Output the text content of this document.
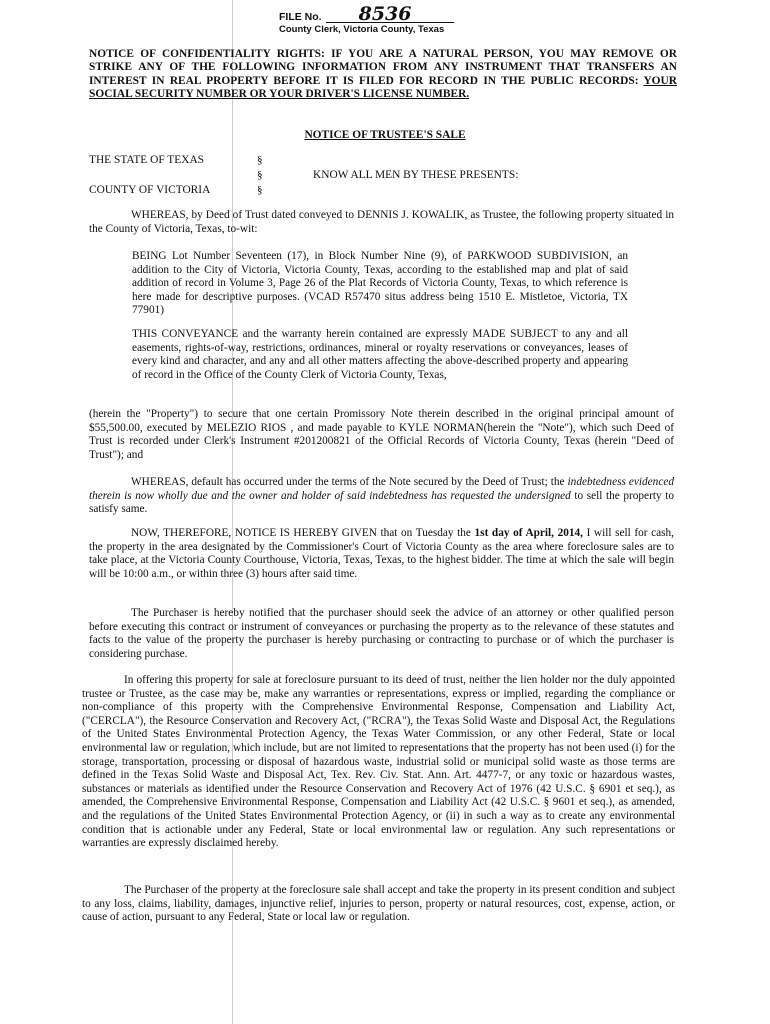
FILE No.	8536
County Clerk, Victoria County, Texas
NOTICE OF CONFIDENTIALITY RIGHTS: IF YOU ARE A NATURAL PERSON, YOU MAY REMOVE OR STRIKE ANY OF THE FOLLOWING INFORMATION FROM ANY INSTRUMENT THAT TRANSFERS AN INTEREST IN REAL PROPERTY BEFORE IT IS FILED FOR RECORD IN THE PUBLIC RECORDS: YOUR SOCIAL SECURITY NUMBER OR YOUR DRIVER'S LICENSE NUMBER.
NOTICE OF TRUSTEE'S SALE
THE STATE OF TEXAS	§
§	KNOW ALL MEN BY THESE PRESENTS:
COUNTY OF VICTORIA	§
WHEREAS, by Deed of Trust dated conveyed to DENNIS J. KOWALIK, as Trustee, the following property situated in the County of Victoria, Texas, to-wit:
BEING Lot Number Seventeen (17), in Block Number Nine (9), of PARKWOOD SUBDIVISION, an addition to the City of Victoria, Victoria County, Texas, according to the established map and plat of said addition of record in Volume 3, Page 26 of the Plat Records of Victoria County, Texas, to which reference is here made for descriptive purposes. (VCAD R57470 situs address being 1510 E. Mistletoe, Victoria, TX 77901)
THIS CONVEYANCE and the warranty herein contained are expressly MADE SUBJECT to any and all easements, rights-of-way, restrictions, ordinances, mineral or royalty reservations or conveyances, leases of every kind and character, and any and all other matters affecting the above-described property and appearing of record in the Office of the County Clerk of Victoria County, Texas,
(herein the "Property") to secure that one certain Promissory Note therein described in the original principal amount of $55,500.00, executed by MELEZIO RIOS , and made payable to KYLE NORMAN(herein the "Note"), which such Deed of Trust is recorded under Clerk's Instrument #201200821 of the Official Records of Victoria County, Texas (herein "Deed of Trust"); and
WHEREAS, default has occurred under the terms of the Note secured by the Deed of Trust; the indebtedness evidenced therein is now wholly due and the owner and holder of said indebtedness has requested the undersigned to sell the property to satisfy same.
NOW, THEREFORE, NOTICE IS HEREBY GIVEN that on Tuesday the 1st day of April, 2014, I will sell for cash, the property in the area designated by the Commissioner's Court of Victoria County as the area where foreclosure sales are to take place, at the Victoria County Courthouse, Victoria, Texas, Texas, to the highest bidder. The time at which the sale will begin will be 10:00 a.m., or within three (3) hours after said time.
The Purchaser is hereby notified that the purchaser should seek the advice of an attorney or other qualified person before executing this contract or instrument of conveyances or purchasing the property as to the relevance of these statutes and facts to the value of the property the purchaser is hereby purchasing or contracting to purchase or of which the purchaser is considering purchase.
In offering this property for sale at foreclosure pursuant to its deed of trust, neither the lien holder nor the duly appointed trustee or Trustee, as the case may be, make any warranties or representations, express or implied, regarding the compliance or non-compliance of this property with the Comprehensive Environmental Response, Compensation and Liability Act, ("CERCLA"), the Resource Conservation and Recovery Act, ("RCRA"), the Texas Solid Waste and Disposal Act, the Regulations of the United States Environmental Protection Agency, the Texas Water Commission, or any other Federal, State or local environmental law or regulation, which include, but are not limited to representations that the property has not been used (i) for the storage, transportation, processing or disposal of hazardous waste, industrial solid or municipal solid waste as those terms are defined in the Texas Solid Waste and Disposal Act, Tex. Rev. Civ. Stat. Ann. Art. 4477-7, or any toxic or hazardous wastes, substances or materials as identified under the Resource Conservation and Recovery Act of 1976 (42 U.S.C. § 6901 et seq.), as amended, the Comprehensive Environmental Response, Compensation and Liability Act (42 U.S.C. § 9601 et seq.), as amended, and the regulations of the United States Environmental Protection Agency, or (ii) in such a way as to create any environmental condition that is actionable under any Federal, State or local environmental law or regulation. Any such representations or warranties are expressly disclaimed hereby.
The Purchaser of the property at the foreclosure sale shall accept and take the property in its present condition and subject to any loss, claims, liability, damages, injunctive relief, injuries to person, property or natural resources, cost, expense, action, or cause of action, pursuant to any Federal, State or local law or regulation.
